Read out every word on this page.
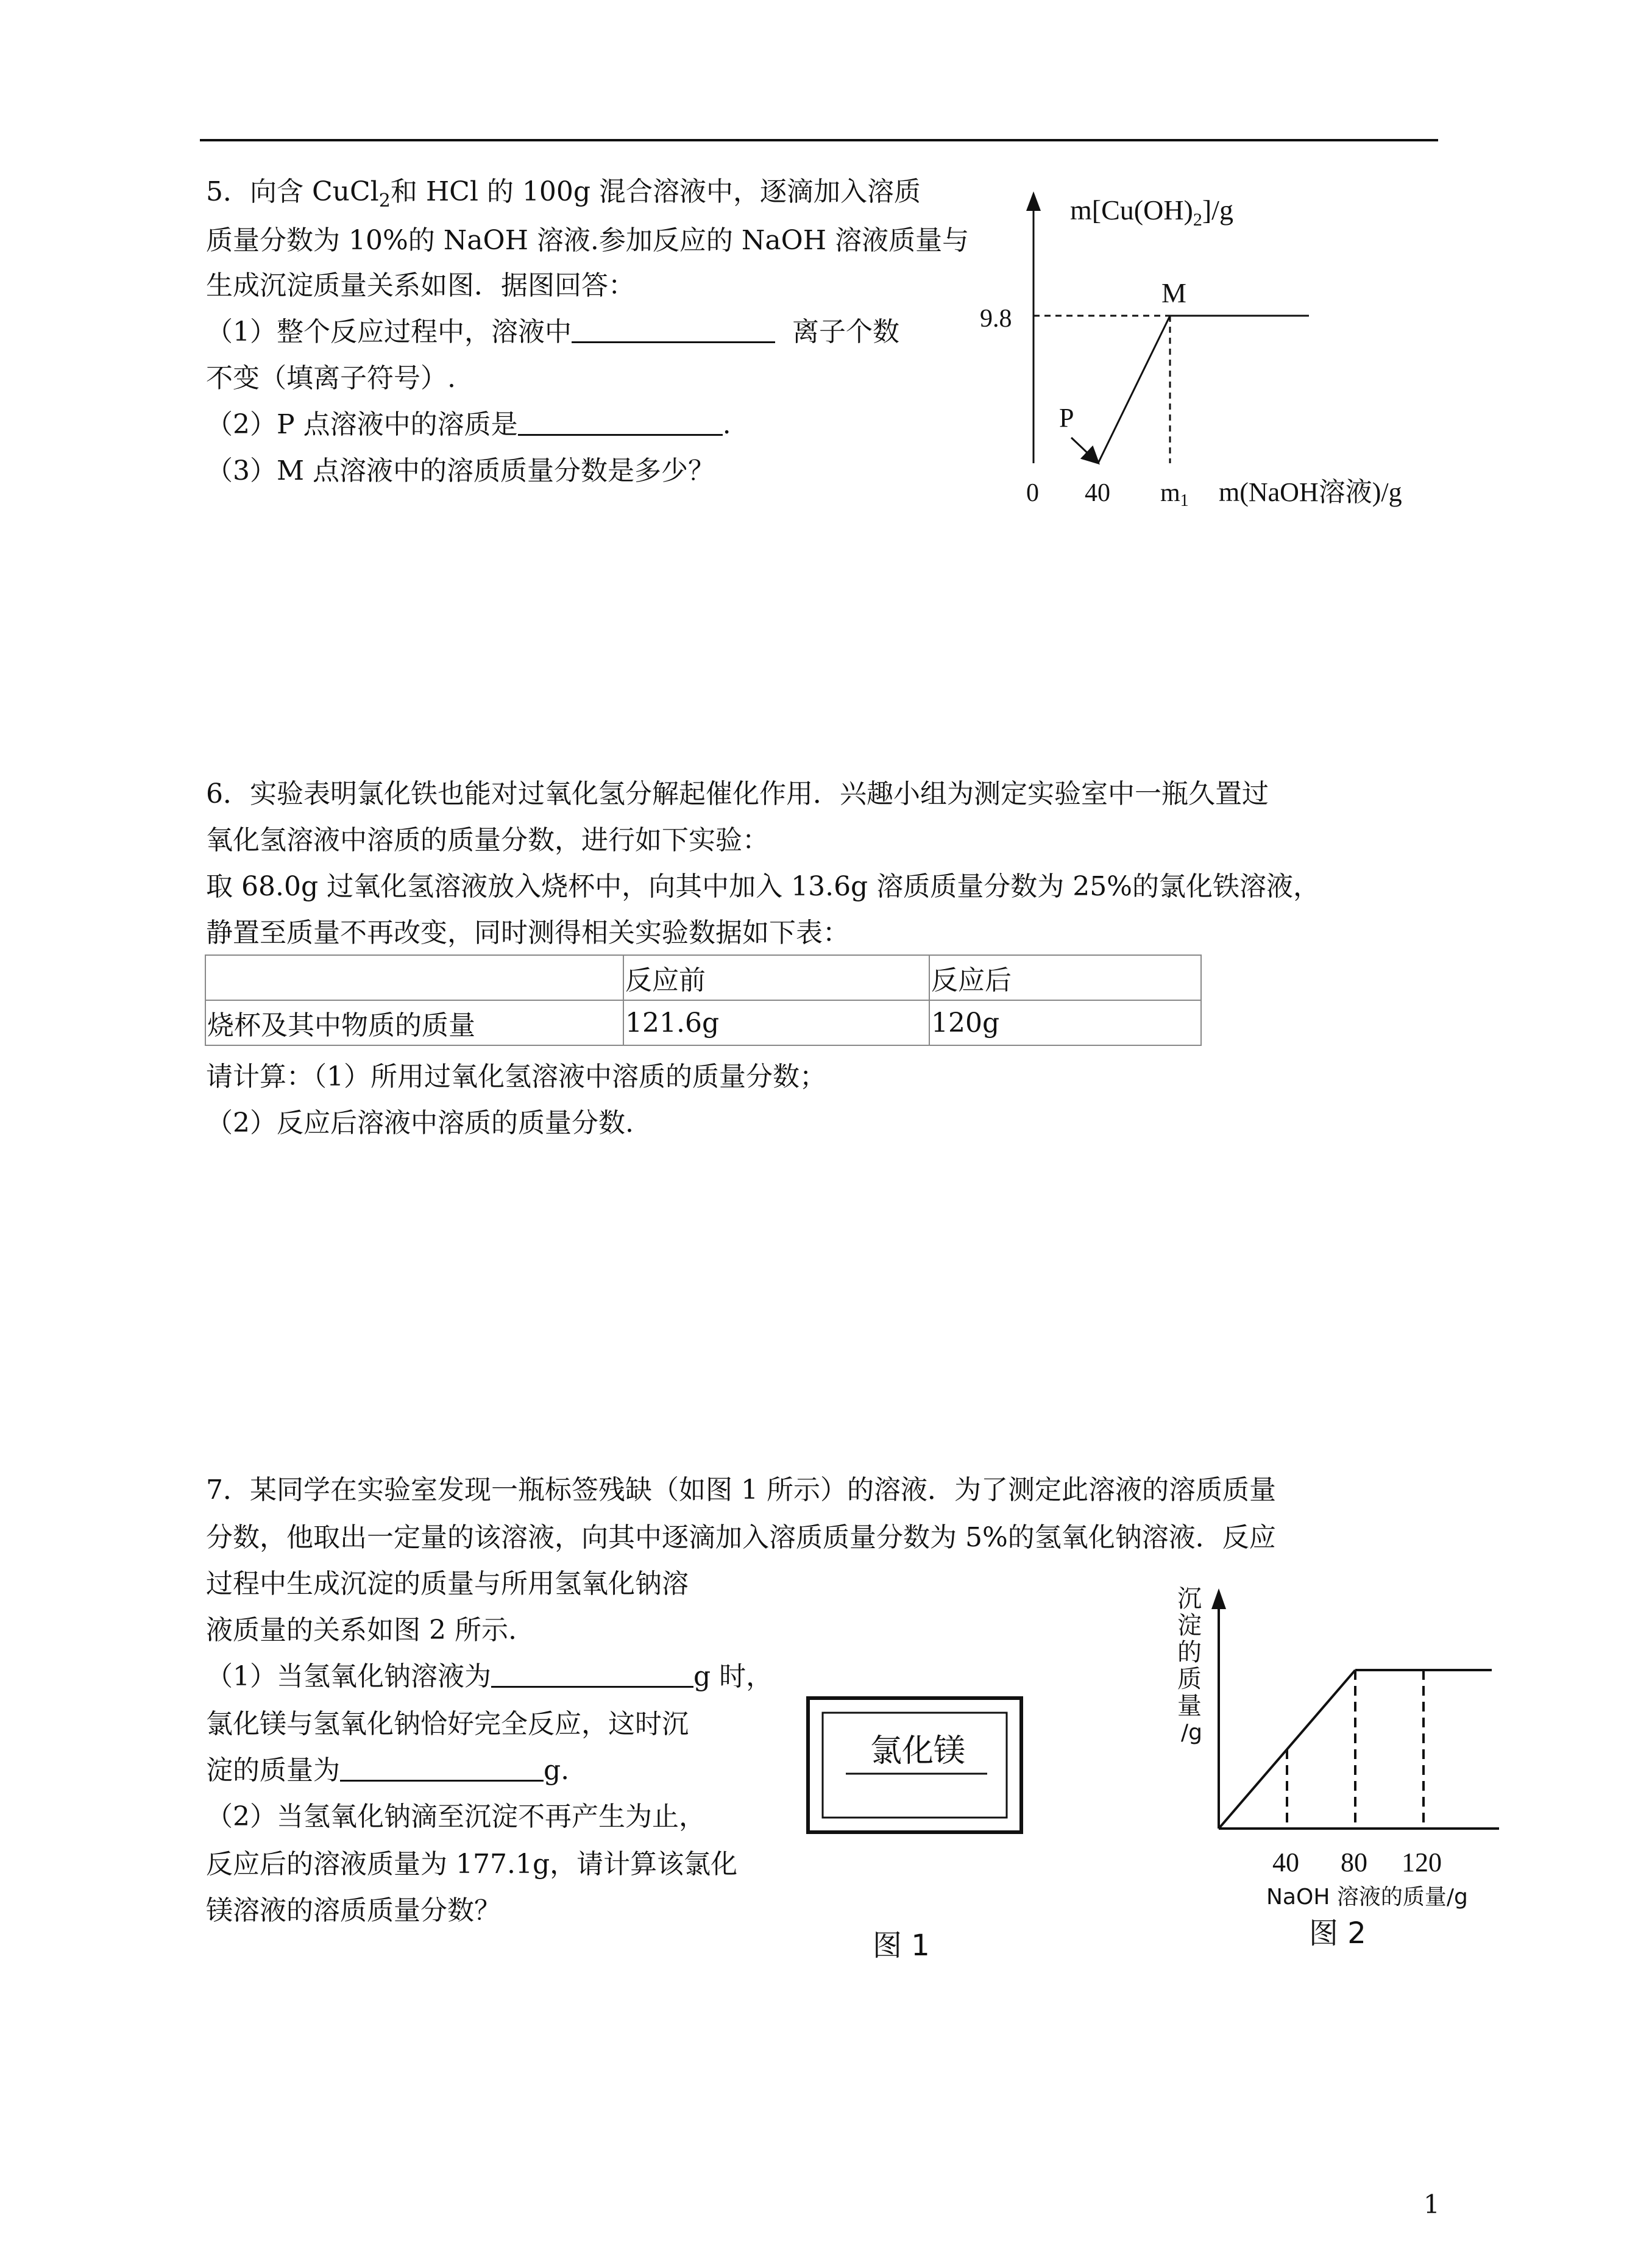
5．向含 CuCl$_2$和 HCl 的 100g 混合溶液中，逐滴加入溶质
质量分数为 10%的 NaOH 溶液.参加反应的 NaOH 溶液质量与
生成沉淀质量关系如图．据图回答：
（1）整个反应过程中，溶液中	离子个数
不变（填离子符号）.
（2）P 点溶液中的溶质是	.
（3）M 点溶液中的溶质质量分数是多少？
$m[Cu(OH)_2]/g$
9.8
M
P
0 40 m1 m(NaOH溶液)/g
6．实验表明氯化铁也能对过氧化氢分解起催化作用．兴趣小组为测定实验室中一瓶久置过
氧化氢溶液中溶质的质量分数，进行如下实验：
取 68.0g 过氧化氢溶液放入烧杯中，向其中加入 13.6g 溶质质量分数为 25%的氯化铁溶液，
静置至质量不再改变，同时测得相关实验数据如下表：
	反应前	反应后
烧杯及其中物质的质量	121.6g	120g
请计算：（1）所用过氧化氢溶液中溶质的质量分数；
（2）反应后溶液中溶质的质量分数.
7．某同学在实验室发现一瓶标签残缺（如图 1 所示）的溶液．为了测定此溶液的溶质质量
分数，他取出一定量的该溶液，向其中逐滴加入溶质质量分数为 5%的氢氧化钠溶液．反应
过程中生成沉淀的质量与所用氢氧化钠溶
液质量的关系如图 2 所示.
（1）当氢氧化钠溶液为	g 时，
氯化镁与氢氧化钠恰好完全反应，这时沉
淀的质量为	g.
（2）当氢氧化钠滴至沉淀不再产生为止，
反应后的溶液质量为 177.1g，请计算该氯化
镁溶液的溶质质量分数？
氯化镁
图 1
沉
淀
的
质
量
/g
40 80 120
NaOH 溶液的质量/g
图 2
1
